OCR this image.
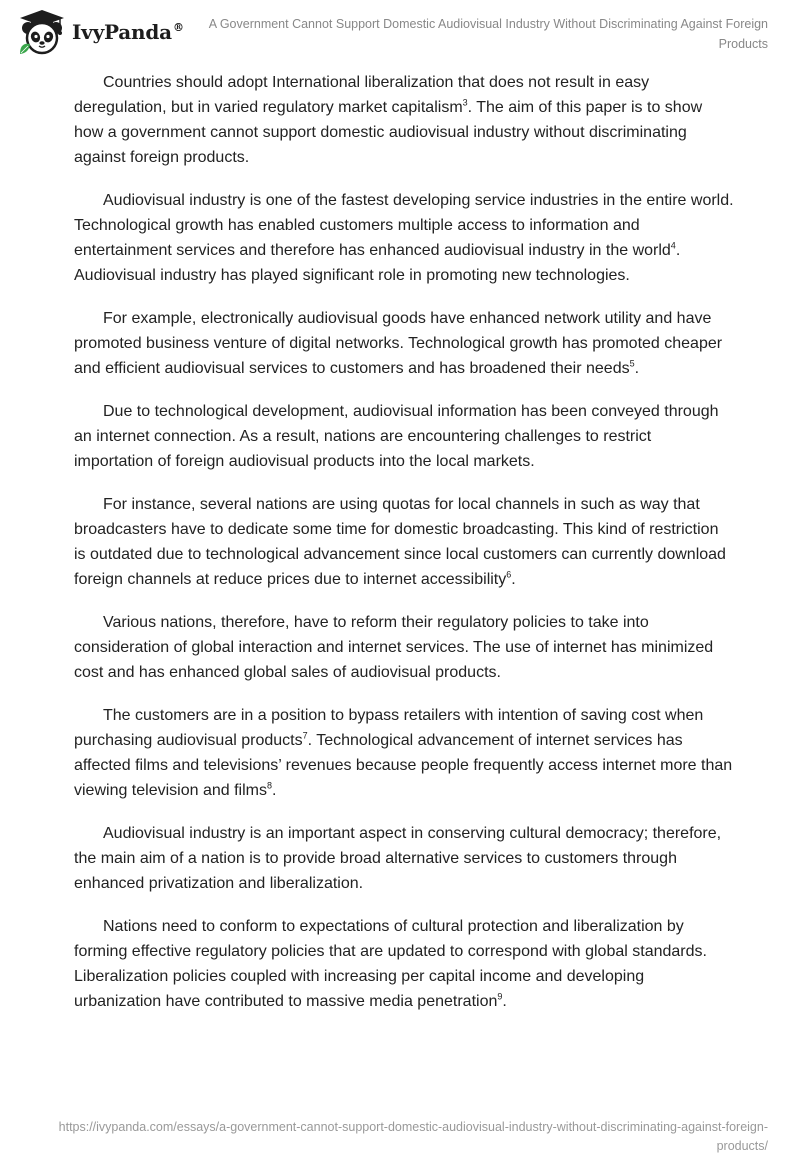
IvyPanda® A Government Cannot Support Domestic Audiovisual Industry Without Discriminating Against Foreign Products

Countries should adopt International liberalization that does not result in easy deregulation, but in varied regulatory market capitalism$^3$. The aim of this paper is to show how a government cannot support domestic audiovisual industry without discriminating against foreign products.

Audiovisual industry is one of the fastest developing service industries in the entire world. Technological growth has enabled customers multiple access to information and entertainment services and therefore has enhanced audiovisual industry in the world$^4$. Audiovisual industry has played significant role in promoting new technologies.

For example, electronically audiovisual goods have enhanced network utility and have promoted business venture of digital networks. Technological growth has promoted cheaper and efficient audiovisual services to customers and has broadened their needs$^5$.

Due to technological development, audiovisual information has been conveyed through an internet connection. As a result, nations are encountering challenges to restrict importation of foreign audiovisual products into the local markets.

For instance, several nations are using quotas for local channels in such as way that broadcasters have to dedicate some time for domestic broadcasting. This kind of restriction is outdated due to technological advancement since local customers can currently download foreign channels at reduce prices due to internet accessibility$^6$.

Various nations, therefore, have to reform their regulatory policies to take into consideration of global interaction and internet services. The use of internet has minimized cost and has enhanced global sales of audiovisual products.

The customers are in a position to bypass retailers with intention of saving cost when purchasing audiovisual products$^7$. Technological advancement of internet services has affected films and televisions’ revenues because people frequently access internet more than viewing television and films$^8$.

Audiovisual industry is an important aspect in conserving cultural democracy; therefore, the main aim of a nation is to provide broad alternative services to customers through enhanced privatization and liberalization.

Nations need to conform to expectations of cultural protection and liberalization by forming effective regulatory policies that are updated to correspond with global standards. Liberalization policies coupled with increasing per capital income and developing urbanization have contributed to massive media penetration$^9$.

https://ivypanda.com/essays/a-government-cannot-support-domestic-audiovisual-industry-without-discriminating-against-foreign-products/
